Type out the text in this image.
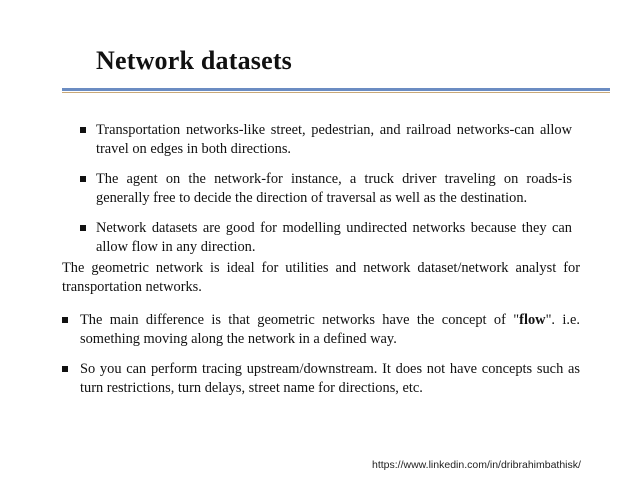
Network datasets
Transportation networks-like street, pedestrian, and railroad networks-can allow travel on edges in both directions.
The agent on the network-for instance, a truck driver traveling on roads-is generally free to decide the direction of traversal as well as the destination.
Network datasets are good for modelling undirected networks because they can allow flow in any direction.
The geometric network is ideal for utilities and network dataset/network analyst for transportation networks.
The main difference is that geometric networks have the concept of "flow". i.e. something moving along the network in a defined way.
So you can perform tracing upstream/downstream. It does not have concepts such as turn restrictions, turn delays, street name for directions, etc.
https://www.linkedin.com/in/dribrahimbathisk/
